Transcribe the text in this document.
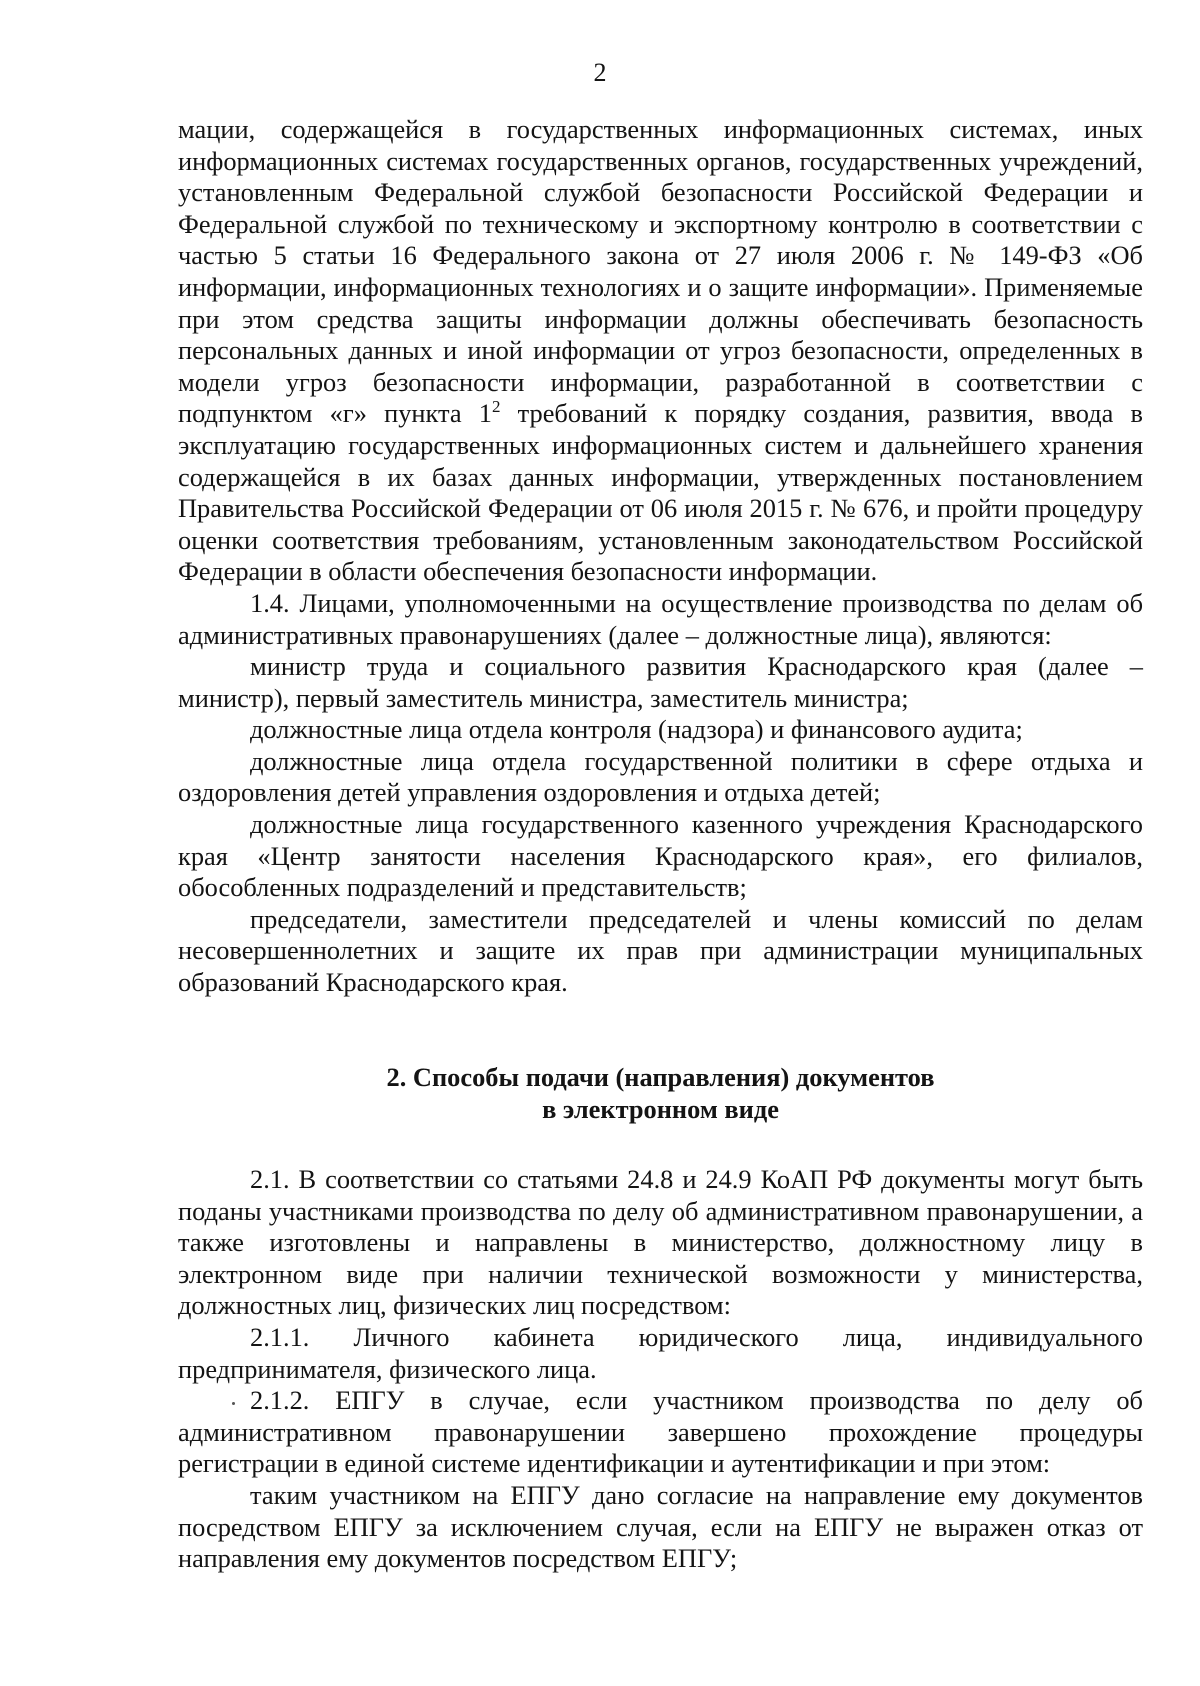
2

мации, содержащейся в государственных информационных системах, иных информационных системах государственных органов, государственных учреждений, установленным Федеральной службой безопасности Российской Федерации и Федеральной службой по техническому и экспортному контролю в соответствии с частью 5 статьи 16 Федерального закона от 27 июля 2006 г. № 149-ФЗ «Об информации, информационных технологиях и о защите информации». Применяемые при этом средства защиты информации должны обеспечивать безопасность персональных данных и иной информации от угроз безопасности, определенных в модели угроз безопасности информации, разработанной в соответствии с подпунктом «г» пункта $1^2$ требований к порядку создания, развития, ввода в эксплуатацию государственных информационных систем и дальнейшего хранения содержащейся в их базах данных информации, утвержденных постановлением Правительства Российской Федерации от 06 июля 2015 г. № 676, и пройти процедуру оценки соответствия требованиям, установленным законодательством Российской Федерации в области обеспечения безопасности информации.

1.4. Лицами, уполномоченными на осуществление производства по делам об административных правонарушениях (далее – должностные лица), являются:

министр труда и социального развития Краснодарского края (далее – министр), первый заместитель министра, заместитель министра;

должностные лица отдела контроля (надзора) и финансового аудита;

должностные лица отдела государственной политики в сфере отдыха и оздоровления детей управления оздоровления и отдыха детей;

должностные лица государственного казенного учреждения Краснодарского края «Центр занятости населения Краснодарского края», его филиалов, обособленных подразделений и представительств;

председатели, заместители председателей и члены комиссий по делам несовершеннолетних и защите их прав при администрации муниципальных образований Краснодарского края.

2. Способы подачи (направления) документов
в электронном виде

2.1. В соответствии со статьями 24.8 и 24.9 КоАП РФ документы могут быть поданы участниками производства по делу об административном правонарушении, а также изготовлены и направлены в министерство, должностному лицу в электронном виде при наличии технической возможности у министерства, должностных лиц, физических лиц посредством:

2.1.1. Личного кабинета юридического лица, индивидуального предпринимателя, физического лица.

2.1.2. ЕПГУ в случае, если участником производства по делу об административном правонарушении завершено прохождение процедуры регистрации в единой системе идентификации и аутентификации и при этом:

таким участником на ЕПГУ дано согласие на направление ему документов посредством ЕПГУ за исключением случая, если на ЕПГУ не выражен отказ от направления ему документов посредством ЕПГУ;
